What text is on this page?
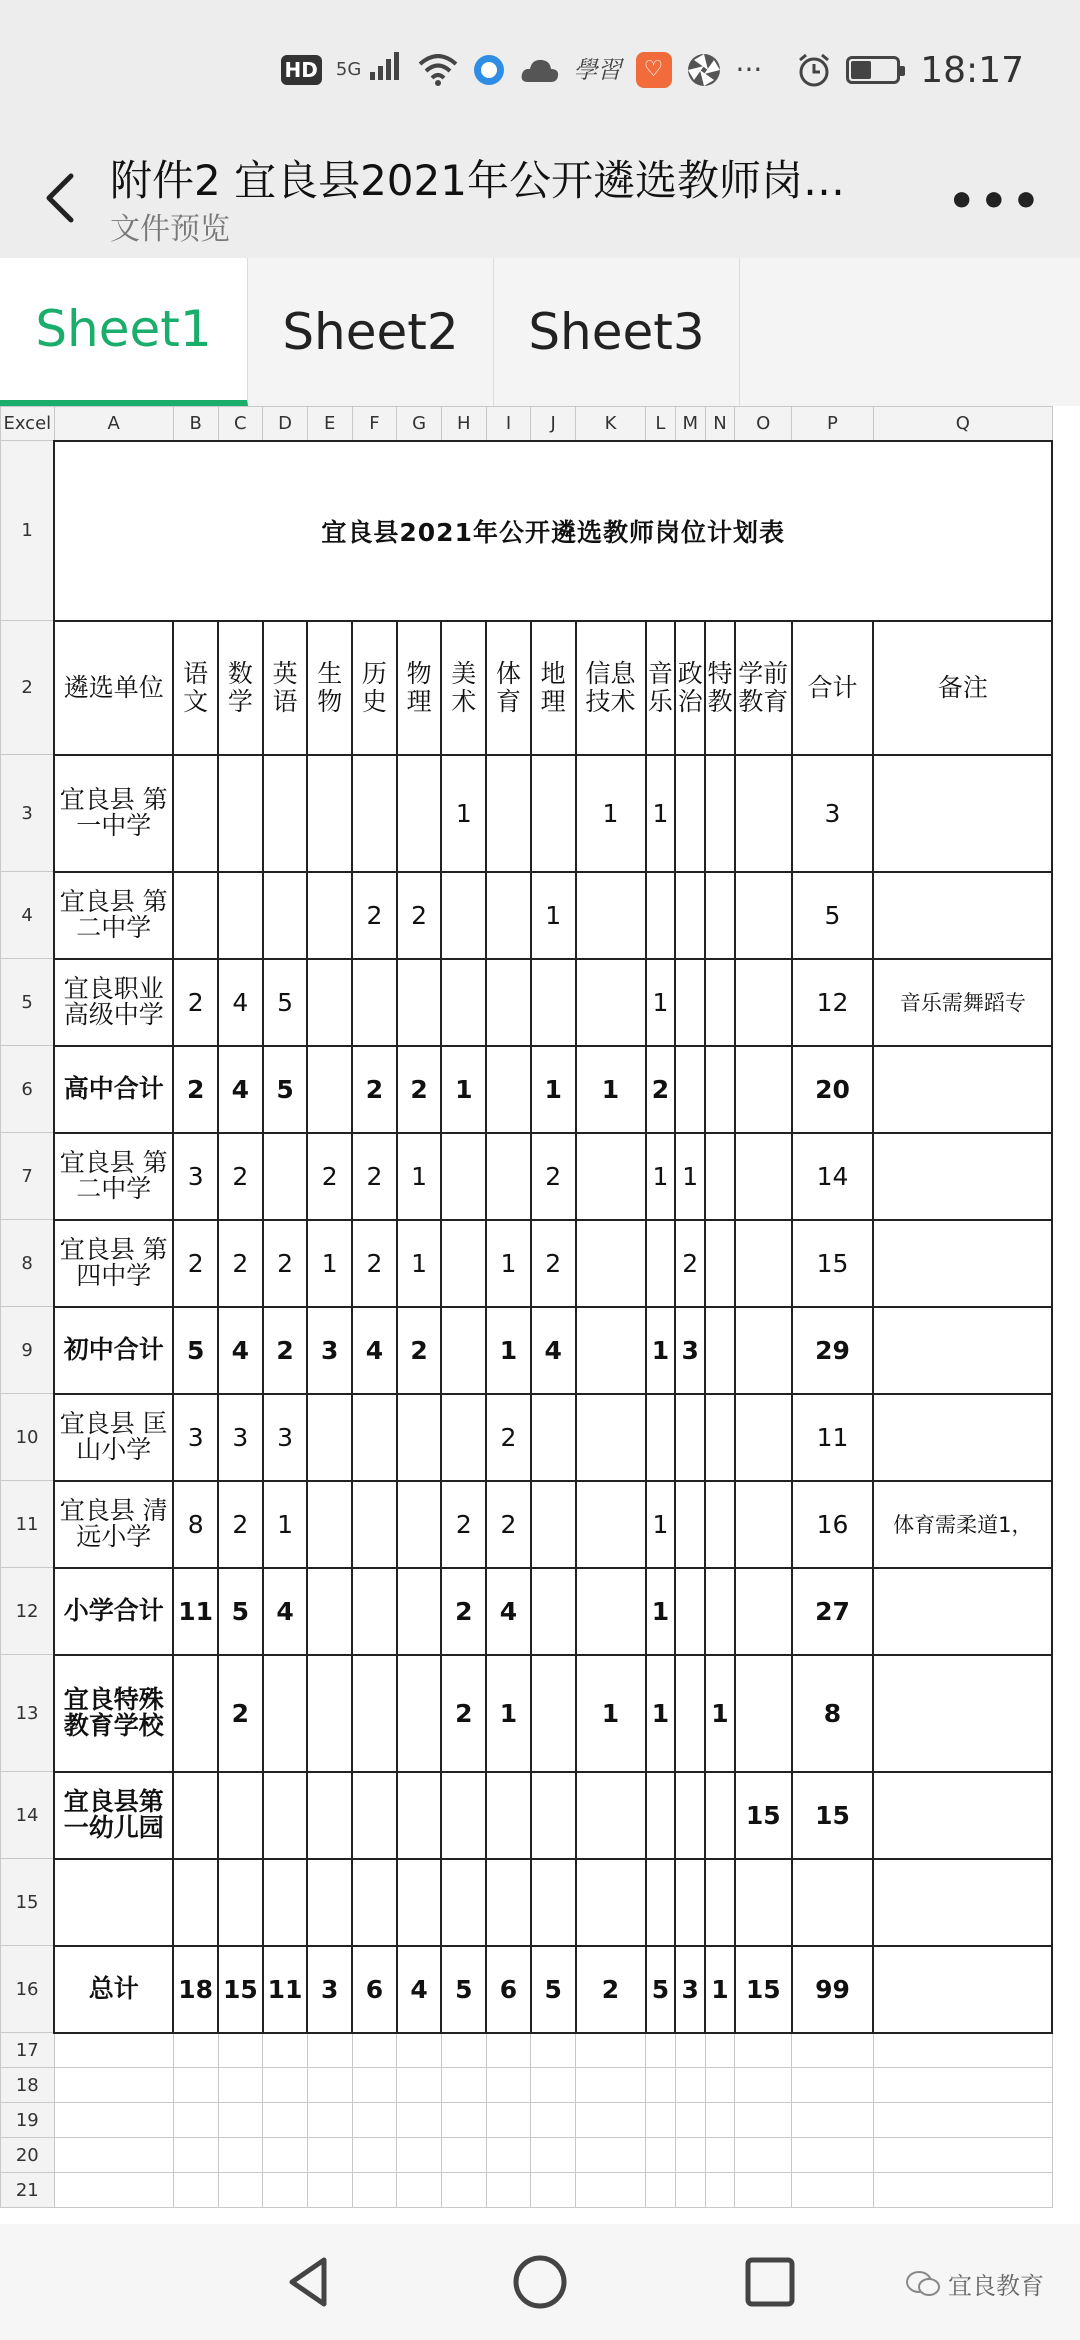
HD $^{5G}$	學習	♡	···	18:17
附件2 宜良县2021年公开遴选教师岗…
文件预览
•••
Sheet1	Sheet2	Sheet3
Excel	A	B	C	D	E	F	G	H	I	J	K	L	M	N	O	P	Q
1	宜良县2021年公开遴选教师岗位计划表																
2	遴选单位	语文	数学	英语	生物	历史	物理	美术	体育	地理	信息技术	音乐	政治	特教	学前教育	合计	备注
3	宜良县 第一中学							1			1	1				3	
4	宜良县 第二中学					2	2			1						5	
5	宜良职业高级中学	2	4	5								1				12	音乐需舞蹈专
6	高中合计	2	4	5		2	2	1		1	1	2				20	
7	宜良县 第二中学	3	2		2	2	1			2		1	1			14	
8	宜良县 第四中学	2	2	2	1	2	1		1	2			2			15	
9	初中合计	5	4	2	3	4	2		1	4		1	3			29	
10	宜良县 匡山小学	3	3	3					2							11	
11	宜良县 清远小学	8	2	1				2	2			1				16	体育需柔道1，
12	小学合计	11	5	4				2	4			1				27	
13	宜良特殊教育学校		2					2	1		1	1		1		8	
14	宜良县第一幼儿园														15	15	
15																	
16	总计	18	15	11	3	6	4	5	6	5	2	5	3	1	15	99	
17																	
18																	
19																	
20																	
21																	
宜良教育
